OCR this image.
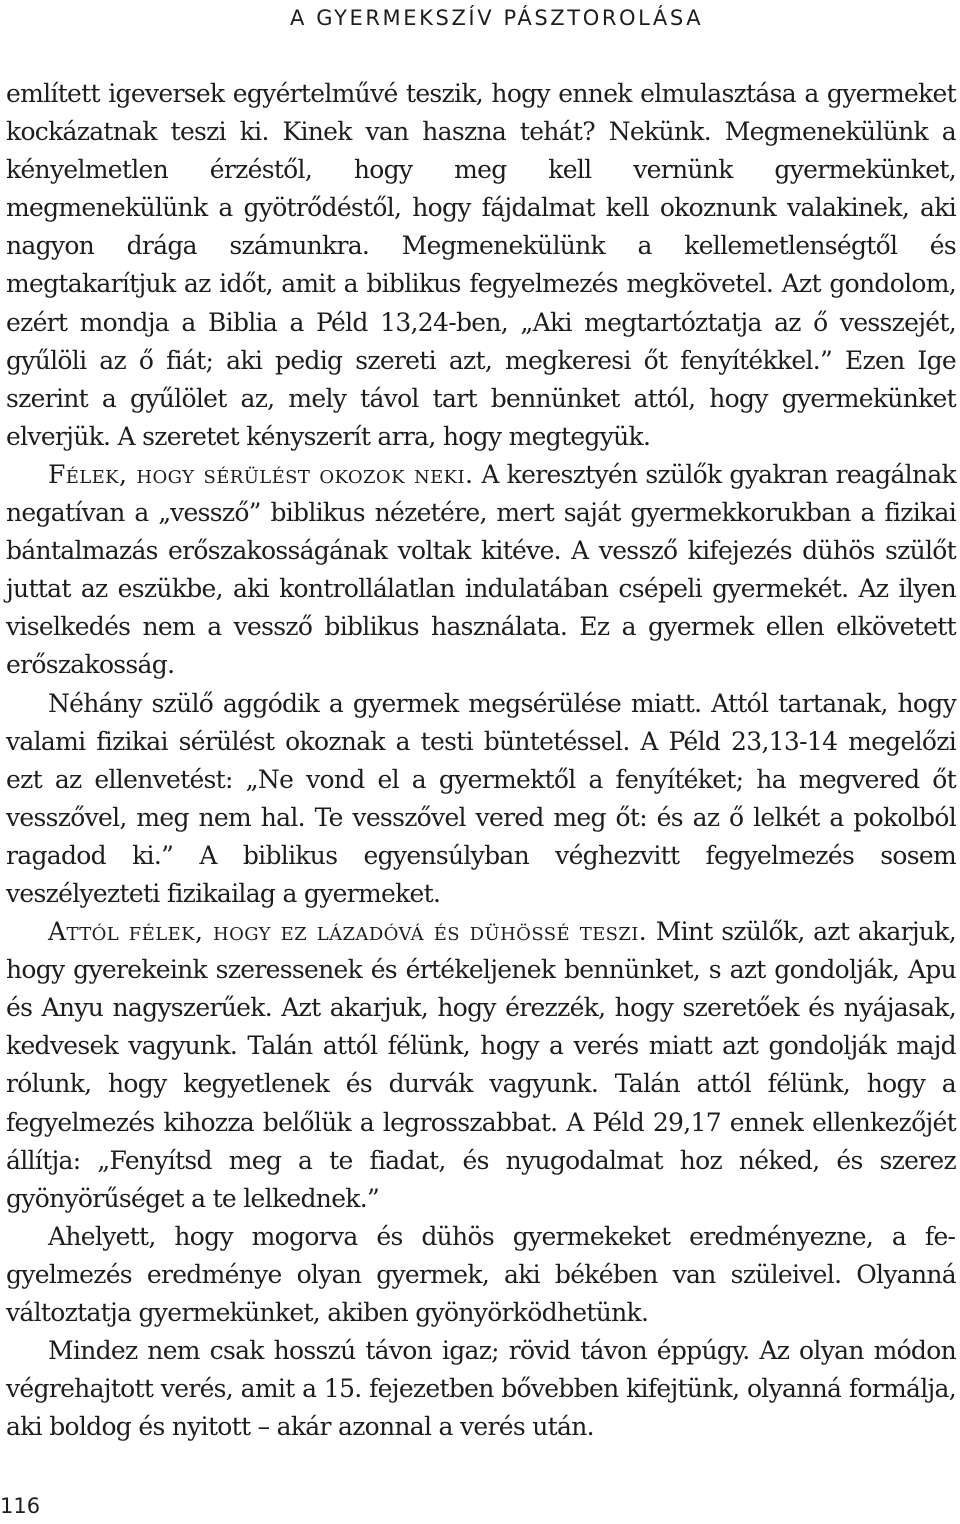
A GYERMEKSZÍV PÁSZTOROLÁSA

említett igeversek egyértelművé teszik, hogy ennek elmulasztása a gyermeket kockázatnak teszi ki. Kinek van haszna tehát? Nekünk. Megmenekülünk a kényelmetlen érzéstől, hogy meg kell vernünk gyermekünket, megmenekülünk a gyötrődéstől, hogy fájdalmat kell okoznunk valakinek, aki nagyon drága számunkra. Megmenekülünk a kellemetlenségtől és megtakarítjuk az időt, amit a biblikus fegyelmezés megkövetel. Azt gondolom, ezért mondja a Biblia a Péld 13,24-ben, „Aki megtartóztatja az ő vesszejét, gyűlöli az ő fiát; aki pedig szereti azt, megkeresi őt fenyítékkel.” Ezen Ige szerint a gyűlölet az, mely távol tart bennünket attól, hogy gyermekünket elverjük. A szeretet kényszerít arra, hogy megtegyük.

Félek, hogy sérülést okozok neki. A keresztyén szülők gyakran reagálnak negatívan a „vessző” biblikus nézetére, mert saját gyermekkorukban a fizikai bántalmazás erőszakosságának voltak kitéve. A vessző kifejezés dühös szülőt juttat az eszükbe, aki kontrollálatlan indulatában csépeli gyermekét. Az ilyen viselkedés nem a vessző biblikus használata. Ez a gyermek ellen elkövetett erőszakosság.

Néhány szülő aggódik a gyermek megsérülése miatt. Attól tartanak, hogy valami fizikai sérülést okoznak a testi büntetéssel. A Péld 23,13-14 megelőzi ezt az ellenvetést: „Ne vond el a gyermektől a fenyítéket; ha megvered őt vesszővel, meg nem hal. Te vesszővel vered meg őt: és az ő lelkét a pokolból ragadod ki.” A biblikus egyensúlyban véghezvitt fegyelmezés sosem veszélyezteti fizikailag a gyermeket.

Attól félek, hogy ez lázadóvá és dühössé teszi. Mint szülők, azt akarjuk, hogy gyerekeink szeressenek és értékeljenek bennünket, s azt gondolják, Apu és Anyu nagyszerűek. Azt akarjuk, hogy érezzék, hogy szeretőek és nyájasak, kedvesek vagyunk. Talán attól félünk, hogy a verés miatt azt gondolják majd rólunk, hogy kegyetlenek és durvák vagyunk. Talán attól félünk, hogy a fegyelmezés kihozza belőlük a legrosszabbat. A Péld 29,17 ennek ellenkezőjét állítja: „Fenyítsd meg a te fiadat, és nyugodalmat hoz néked, és szerez gyönyörűséget a te lelkednek.”

Ahelyett, hogy mogorva és dühös gyermekeket eredményezne, a fegyelmezés eredménye olyan gyermek, aki békében van szüleivel. Olyanná változtatja gyermekünket, akiben gyönyörködhetünk.

Mindez nem csak hosszú távon igaz; rövid távon éppúgy. Az olyan módon végrehajtott verés, amit a 15. fejezetben bővebben kifejtünk, olyanná formálja, aki boldog és nyitott – akár azonnal a verés után.

116
